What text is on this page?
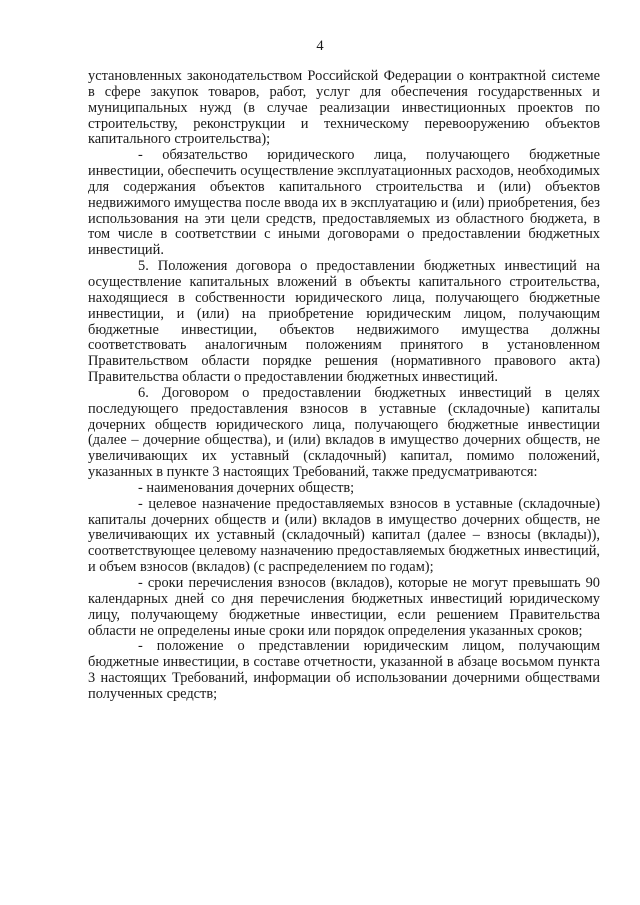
4

установленных законодательством Российской Федерации о контрактной системе в сфере закупок товаров, работ, услуг для обеспечения государственных и муниципальных нужд (в случае реализации инвестиционных проектов по строительству, реконструкции и техническому перевооружению объектов капитального строительства);

- обязательство юридического лица, получающего бюджетные инвестиции, обеспечить осуществление эксплуатационных расходов, необходимых для содержания объектов капитального строительства и (или) объектов недвижимого имущества после ввода их в эксплуатацию и (или) приобретения, без использования на эти цели средств, предоставляемых из областного бюджета, в том числе в соответствии с иными договорами о предоставлении бюджетных инвестиций.

5. Положения договора о предоставлении бюджетных инвестиций на осуществление капитальных вложений в объекты капитального строительства, находящиеся в собственности юридического лица, получающего бюджетные инвестиции, и (или) на приобретение юридическим лицом, получающим бюджетные инвестиции, объектов недвижимого имущества должны соответствовать аналогичным положениям принятого в установленном Правительством области порядке решения (нормативного правового акта) Правительства области о предоставлении бюджетных инвестиций.

6. Договором о предоставлении бюджетных инвестиций в целях последующего предоставления взносов в уставные (складочные) капиталы дочерних обществ юридического лица, получающего бюджетные инвестиции (далее – дочерние общества), и (или) вкладов в имущество дочерних обществ, не увеличивающих их уставный (складочный) капитал, помимо положений, указанных в пункте 3 настоящих Требований, также предусматриваются:

- наименования дочерних обществ;

- целевое назначение предоставляемых взносов в уставные (складочные) капиталы дочерних обществ и (или) вкладов в имущество дочерних обществ, не увеличивающих их уставный (складочный) капитал (далее – взносы (вклады)), соответствующее целевому назначению предоставляемых бюджетных инвестиций, и объем взносов (вкладов) (с распределением по годам);

- сроки перечисления взносов (вкладов), которые не могут превышать 90 календарных дней со дня перечисления бюджетных инвестиций юридическому лицу, получающему бюджетные инвестиции, если решением Правительства области не определены иные сроки или порядок определения указанных сроков;

- положение о представлении юридическим лицом, получающим бюджетные инвестиции, в составе отчетности, указанной в абзаце восьмом пункта 3 настоящих Требований, информации об использовании дочерними обществами полученных средств;
